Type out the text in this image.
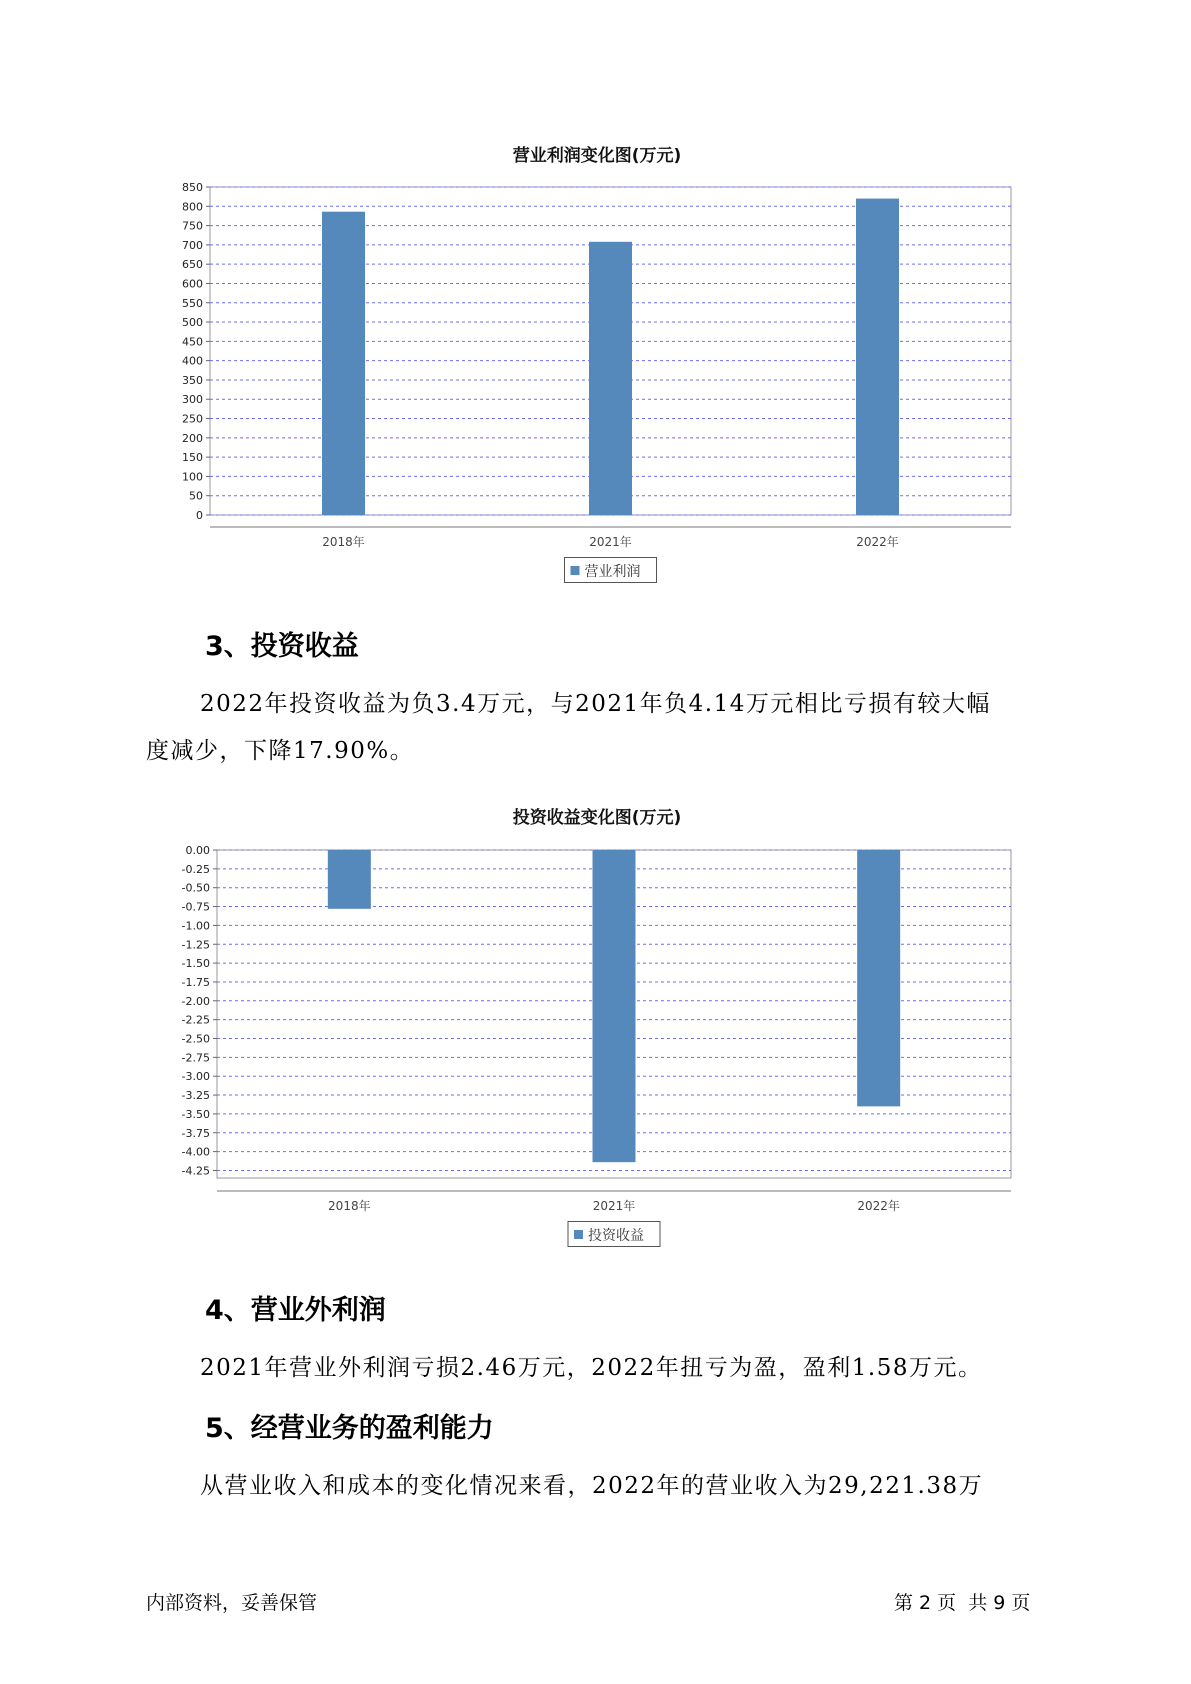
营业利润变化图(万元)
0
50
100
150
200
250
300
350
400
450
500
550
600
650
700
750
800
850
2018年	2021年	2022年
营业利润
3、投资收益

2022年投资收益为负3.4万元，与2021年负4.14万元相比亏损有较大幅

度减少，下降17.90%。

投资收益变化图(万元)
0.00
-0.25
-0.50
-0.75
-1.00
-1.25
-1.50
-1.75
-2.00
-2.25
-2.50
-2.75
-3.00
-3.25
-3.50
-3.75
-4.00
-4.25
2018年	2021年	2022年
投资收益
4、营业外利润

2021年营业外利润亏损2.46万元，2022年扭亏为盈，盈利1.58万元。

5、经营业务的盈利能力

从营业收入和成本的变化情况来看，2022年的营业收入为29,221.38万

内部资料，妥善保管	第 2 页  共 9 页
